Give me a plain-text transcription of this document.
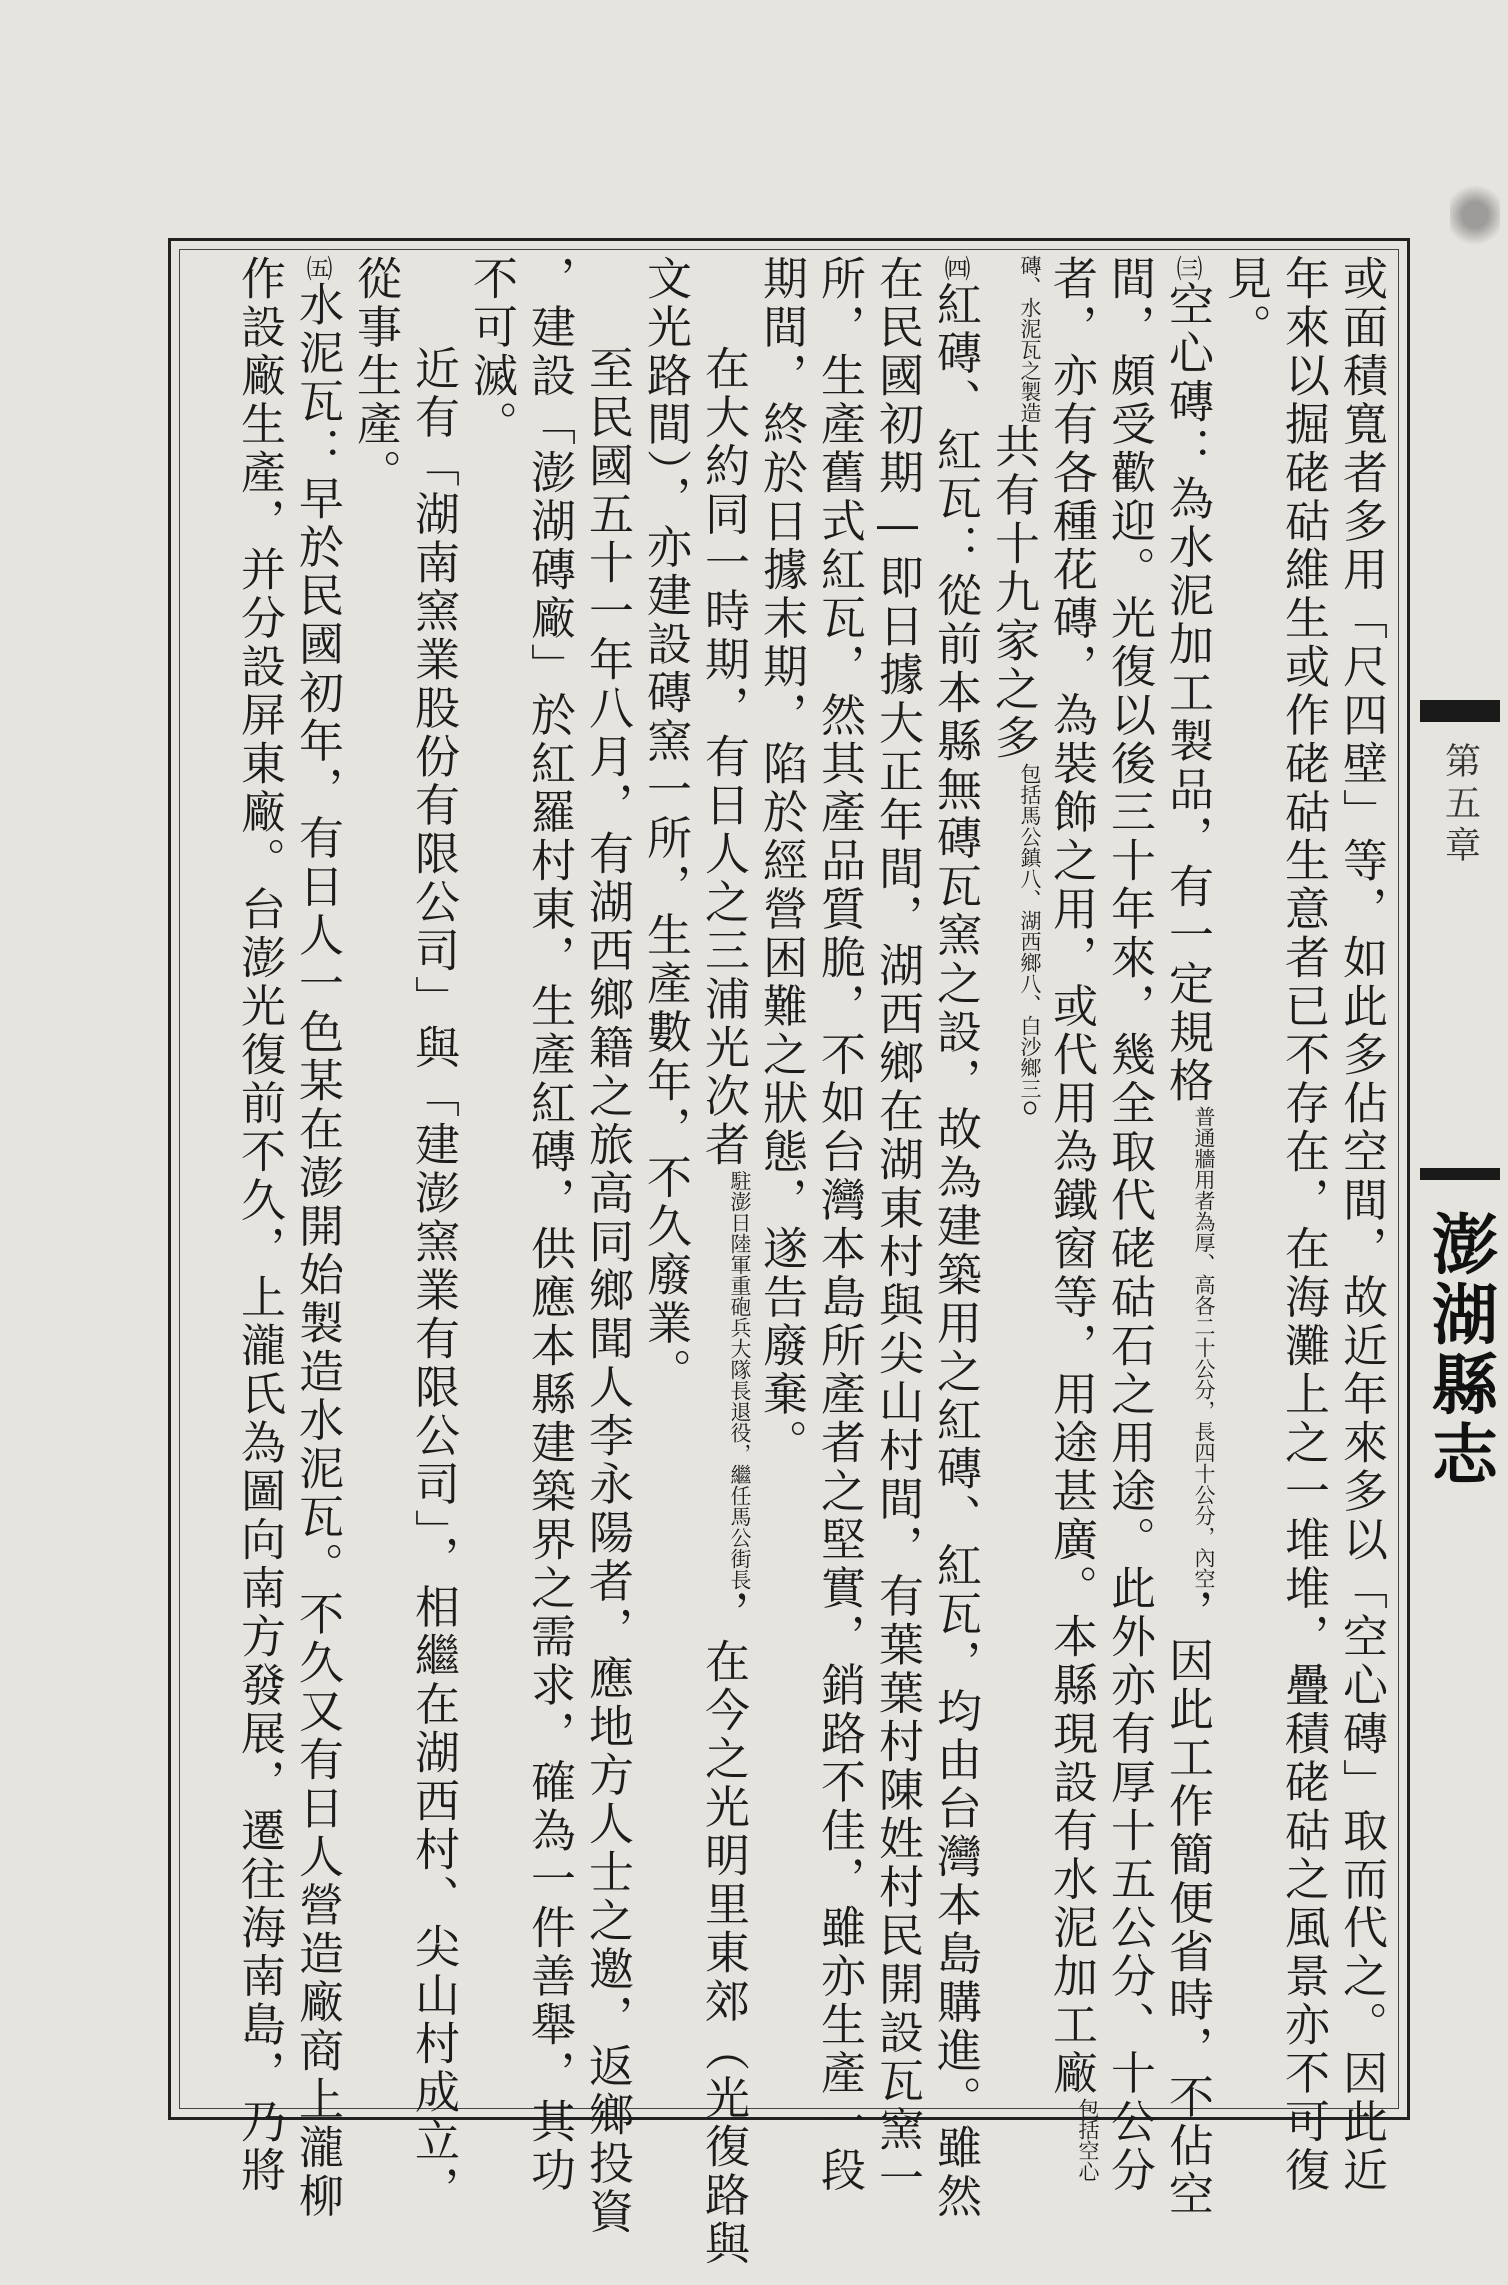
或面積寬者多用「尺四壁」等，如此多佔空間，故近年來多以「空心磚」取而代之。因此近
年來以掘硓𥑮維生或作硓𥑮生意者已不存在，在海灘上之一堆堆，疊積硓𥑮之風景亦不可復
見。
㈢空心磚：為水泥加工製品，有一定規格普通牆用者為厚、高各二十公分，長四十公分，內空，因此工作簡便省時，不佔空
間，頗受歡迎。光復以後三十年來，幾全取代硓𥑮石之用途。此外亦有厚十五公分、十公分
者，亦有各種花磚，為裝飾之用，或代用為鐵窗等，用途甚廣。本縣現設有水泥加工廠包括空心
磚、水泥瓦之製造共有十九家之多包括馬公鎮八、湖西鄉八、白沙鄉三。
㈣紅磚、紅瓦：從前本縣無磚瓦窯之設，故為建築用之紅磚、紅瓦，均由台灣本島購進。雖然
在民國初期—即日據大正年間，湖西鄉在湖東村與尖山村間，有葉葉村陳姓村民開設瓦窯一
所，生產舊式紅瓦，然其產品質脆，不如台灣本島所產者之堅實，銷路不佳，雖亦生產一段
期間，終於日據末期，陷於經營困難之狀態，遂告廢棄。
在大約同一時期，有日人之三浦光次者駐澎日陸軍重砲兵大隊長退役，繼任馬公街長，在今之光明里東郊（光復路與
文光路間），亦建設磚窯一所，生產數年，不久廢業。
至民國五十一年八月，有湖西鄉籍之旅高同鄉聞人李永陽者，應地方人士之邀，返鄉投資
，建設「澎湖磚廠」於紅羅村東，生產紅磚，供應本縣建築界之需求，確為一件善舉，其功
不可滅。
近有「湖南窯業股份有限公司」與「建澎窯業有限公司」，相繼在湖西村、尖山村成立，
從事生產。
㈤水泥瓦：早於民國初年，有日人一色某在澎開始製造水泥瓦。不久又有日人營造廠商上瀧柳
作設廠生產，并分設屏東廠。台澎光復前不久，上瀧氏為圖向南方發展，遷往海南島，乃將	第五章
澎湖縣志
